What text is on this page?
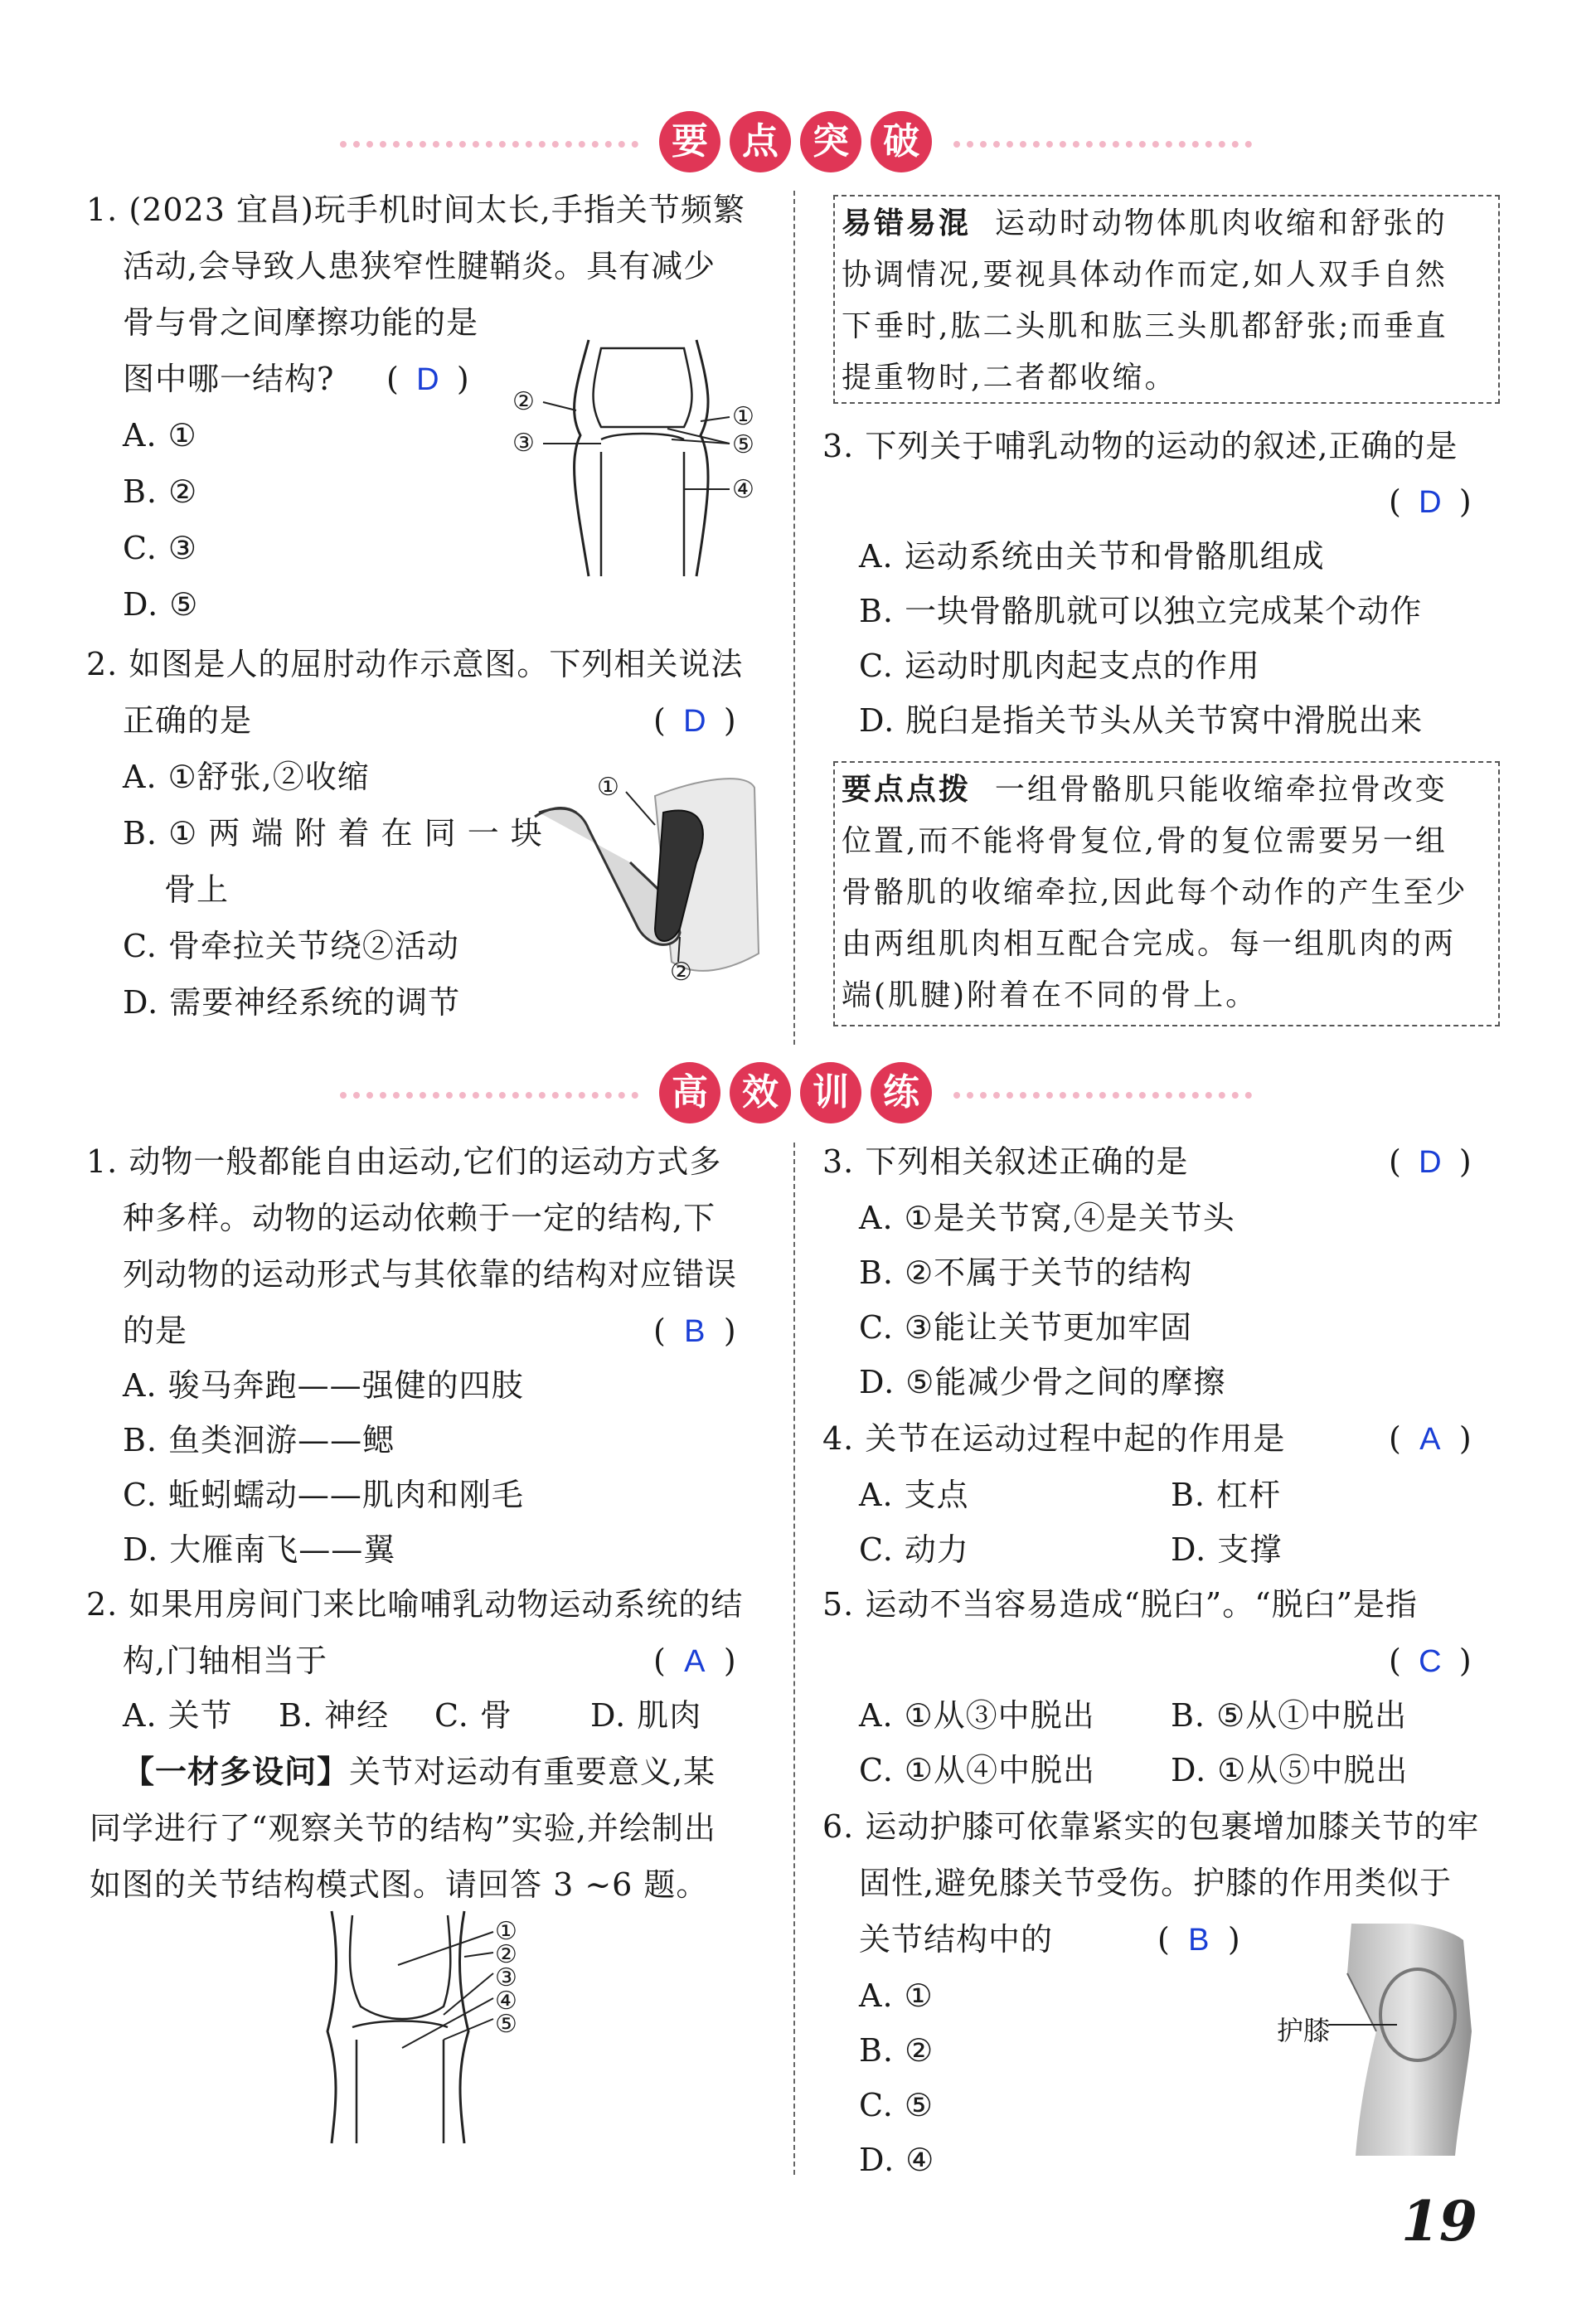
要 点 突 破
1. (2023 宜昌)玩手机时间太长,手指关节频繁
活动,会导致人患狭窄性腱鞘炎。具有减少
骨与骨之间摩擦功能的是
图中哪一结构? ( D )
A. ①
B. ②
C. ③
D. ⑤
②
③
①
⑤
④
2. 如图是人的屈肘动作示意图。下列相关说法
正确的是	( D )
A. ①舒张,②收缩
B. ① 两 端 附 着 在 同 一 块
骨上
C. 骨牵拉关节绕②活动
D. 需要神经系统的调节
①
②
易错易混 运动时动物体肌肉收缩和舒张的
协调情况,要视具体动作而定,如人双手自然
下垂时,肱二头肌和肱三头肌都舒张;而垂直
提重物时,二者都收缩。
3. 下列关于哺乳动物的运动的叙述,正确的是
( D )
A. 运动系统由关节和骨骼肌组成
B. 一块骨骼肌就可以独立完成某个动作
C. 运动时肌肉起支点的作用
D. 脱臼是指关节头从关节窝中滑脱出来
要点点拨 一组骨骼肌只能收缩牵拉骨改变
位置,而不能将骨复位,骨的复位需要另一组
骨骼肌的收缩牵拉,因此每个动作的产生至少
由两组肌肉相互配合完成。每一组肌肉的两
端(肌腱)附着在不同的骨上。
高 效 训 练
1. 动物一般都能自由运动,它们的运动方式多
种多样。动物的运动依赖于一定的结构,下
列动物的运动形式与其依靠的结构对应错误
的是	( B )
A. 骏马奔跑——强健的四肢
B. 鱼类洄游——鳃
C. 蚯蚓蠕动——肌肉和刚毛
D. 大雁南飞——翼
2. 如果用房间门来比喻哺乳动物运动系统的结
构,门轴相当于	( A )
A. 关节 B. 神经 C. 骨 D. 肌肉
【一材多设问】关节对运动有重要意义,某
同学进行了“观察关节的结构”实验,并绘制出
如图的关节结构模式图。请回答 3 ~6 题。
①
②
③
④
⑤
3. 下列相关叙述正确的是	( D )
A. ①是关节窝,④是关节头
B. ②不属于关节的结构
C. ③能让关节更加牢固
D. ⑤能减少骨之间的摩擦
4. 关节在运动过程中起的作用是	( A )
A. 支点	B. 杠杆
C. 动力	D. 支撑
5. 运动不当容易造成“脱臼”。“脱臼”是指
( C )
A. ①从③中脱出 B. ⑤从①中脱出
C. ①从④中脱出 D. ①从⑤中脱出
6. 运动护膝可依靠紧实的包裹增加膝关节的牢
固性,避免膝关节受伤。护膝的作用类似于
关节结构中的	( B )
A. ①
B. ②
C. ⑤
D. ④
护膝
19
